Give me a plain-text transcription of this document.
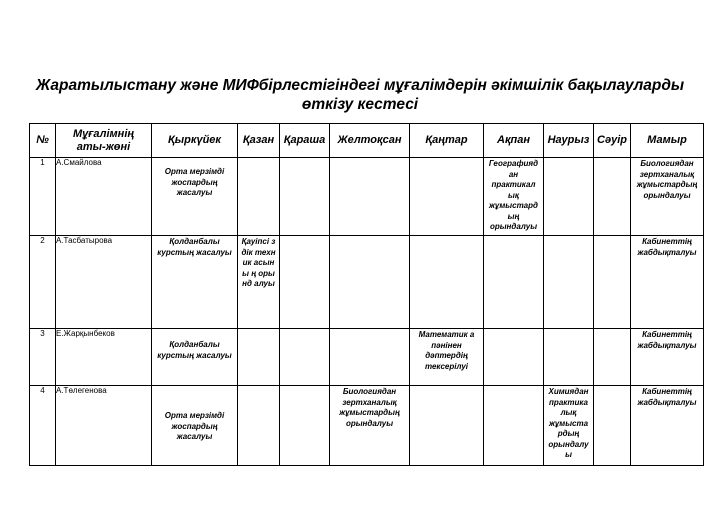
Жаратылыстану және МИФбірлестігіндегі мұғалімдерін әкімшілік бақылауларды
өткізу кестесі
№	Мұғалімнің аты-жөні	Қыркүйек	Қазан	Қараша	Желтоқсан	Қаңтар	Ақпан	Наурыз	Сәуір	Мамыр

1	А.Смайлова	Орта мерзімді жоспардың жасалуы					Географияд ан практикал ық жұмыстард ың орындалуы			Биологиядан зертханалық жұмыстардың орындалуы

2	А.Тасбатырова	Қолданбалы курстың жасалуы	Қауіпсі здік техник асыны ң орынд алуы							Кабинеттің жабдықталуы

3	Е.Жарқынбеков	Қолданбалы курстың жасалуы				Математик а пәнінен дәптердің тексерілуі				Кабинеттің жабдықталуы

4	А.Төлегенова	Орта мерзімді жоспардың жасалуы			Биологиядан зертханалық жұмыстардың орындалуы			Химиядан практика лық жұмыста рдың орындалу ы		Кабинеттің жабдықталуы
